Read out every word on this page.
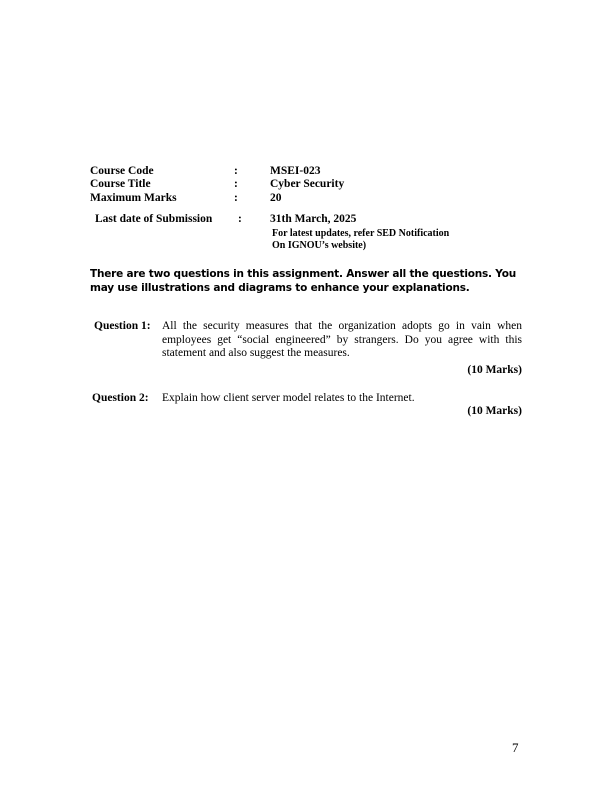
Course Code	:	MSEI-023
Course Title	:	Cyber Security
Maximum Marks	:	20
Last date of Submission : 31th March, 2025
For latest updates, refer SED Notification
On IGNOU’s website)
There are two questions in this assignment. Answer all the questions. You may use illustrations and diagrams to enhance your explanations.
Question 1: All the security measures that the organization adopts go in vain when employees get “social engineered” by strangers. Do you agree with this statement and also suggest the measures.
(10 Marks)
Question 2: Explain how client server model relates to the Internet.
(10 Marks)
7
